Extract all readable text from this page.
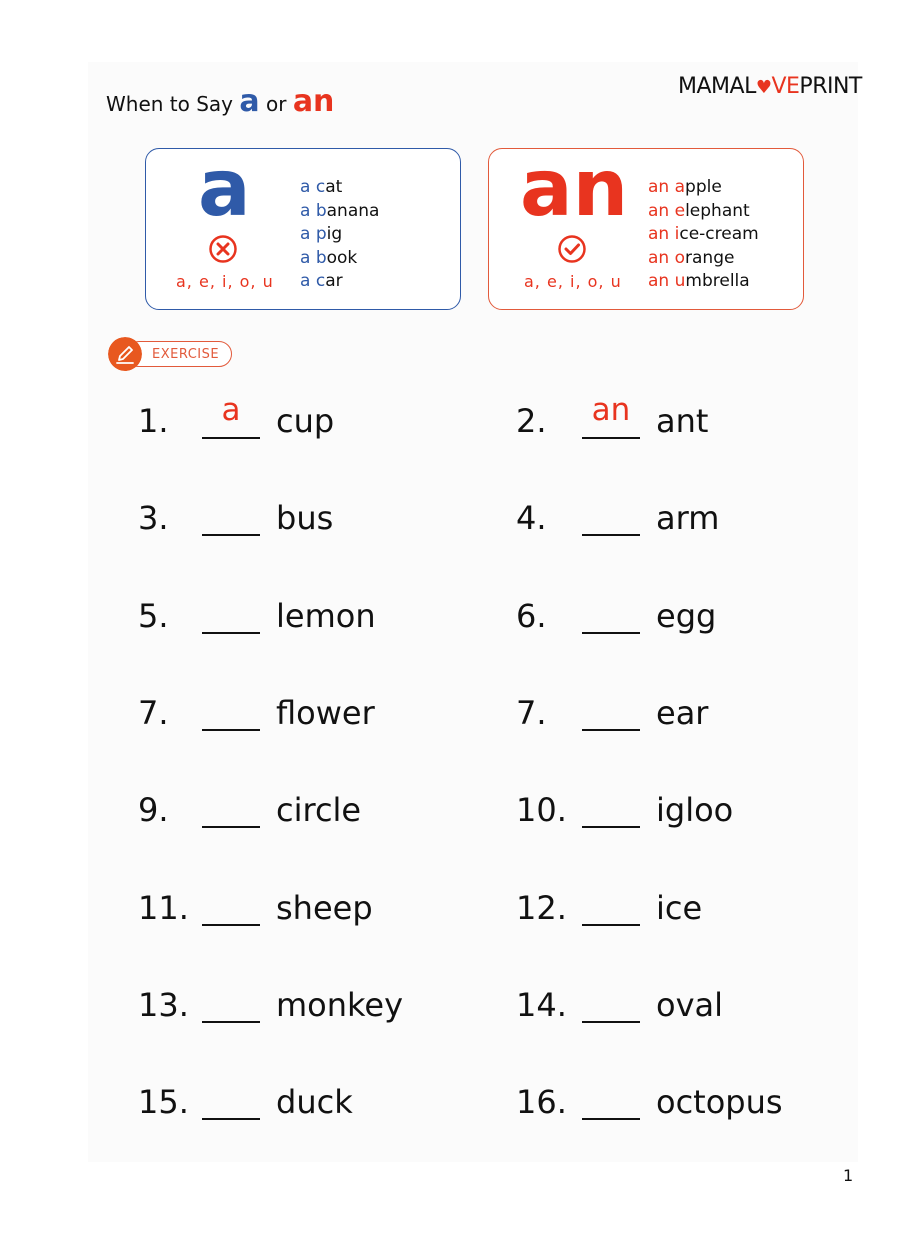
When to Say a or an	MAMAL♥VEPRINT
a
a, e, i, o, u
a cat
a banana
a pig
a book
a car
an
a, e, i, o, u
an apple
an elephant
an ice-cream
an orange
an umbrella
EXERCISE
1.	a	cup	2.	an ant
3.	bus	4.	arm
5.	lemon	6.	egg
7.	flower	7.	ear
9.	circle	10.	igloo
11.	sheep	12.	ice
13.	monkey	14.	oval
15.	duck	16.	octopus
1
